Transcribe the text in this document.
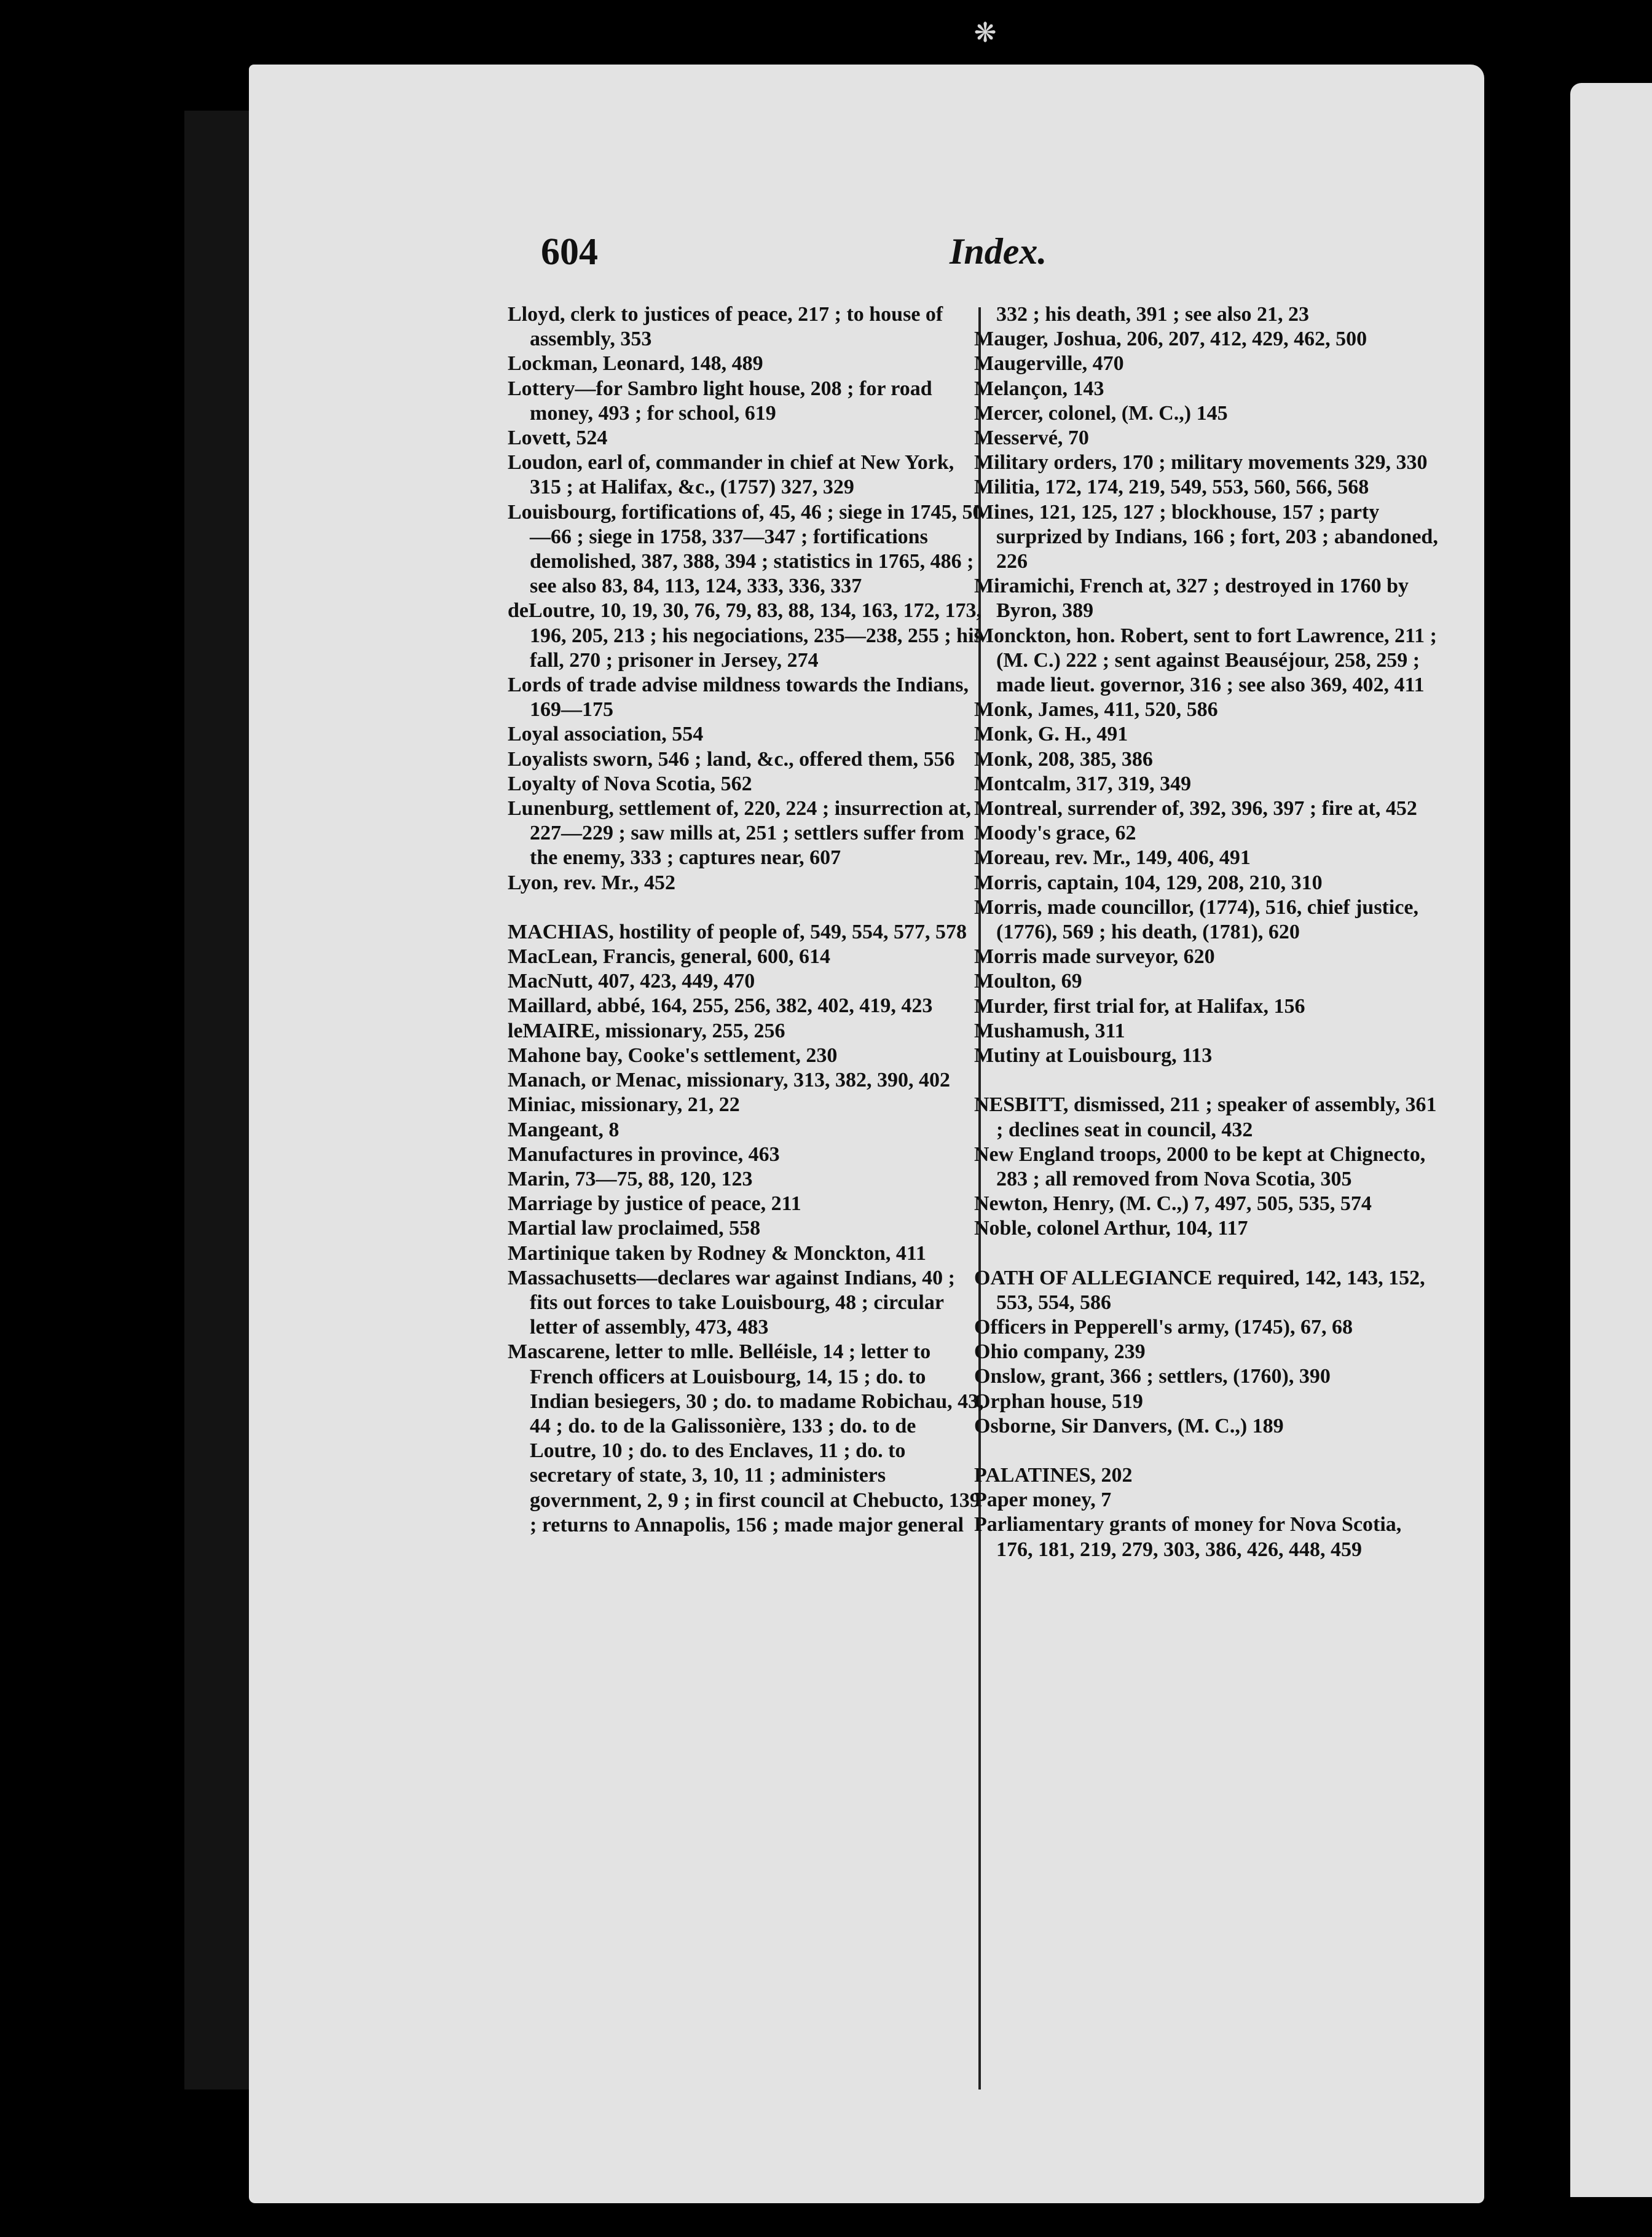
❋
604	Index.

Lloyd, clerk to justices of peace, 217 ; to house of assembly, 353

Lockman, Leonard, 148, 489

Lottery—for Sambro light house, 208 ; for road money, 493 ; for school, 619

Lovett, 524

Loudon, earl of, commander in chief at New York, 315 ; at Halifax, &c., (1757) 327, 329

Louisbourg, fortifications of, 45, 46 ; siege in 1745, 50—66 ; siege in 1758, 337—347 ; fortifications demolished, 387, 388, 394 ; statistics in 1765, 486 ; see also 83, 84, 113, 124, 333, 336, 337

deLoutre, 10, 19, 30, 76, 79, 83, 88, 134, 163, 172, 173, 196, 205, 213 ; his negociations, 235—238, 255 ; his fall, 270 ; prisoner in Jersey, 274

Lords of trade advise mildness towards the Indians, 169—175

Loyal association, 554

Loyalists sworn, 546 ; land, &c., offered them, 556

Loyalty of Nova Scotia, 562

Lunenburg, settlement of, 220, 224 ; insurrection at, 227—229 ; saw mills at, 251 ; settlers suffer from the enemy, 333 ; captures near, 607

Lyon, rev. Mr., 452

MACHIAS, hostility of people of, 549, 554, 577, 578

MacLean, Francis, general, 600, 614

MacNutt, 407, 423, 449, 470

Maillard, abbé, 164, 255, 256, 382, 402, 419, 423

leMAIRE, missionary, 255, 256

Mahone bay, Cooke's settlement, 230

Manach, or Menac, missionary, 313, 382, 390, 402

Miniac, missionary, 21, 22

Mangeant, 8

Manufactures in province, 463

Marin, 73—75, 88, 120, 123

Marriage by justice of peace, 211

Martial law proclaimed, 558

Martinique taken by Rodney & Monckton, 411

Massachusetts—declares war against Indians, 40 ; fits out forces to take Louisbourg, 48 ; circular letter of assembly, 473, 483

Mascarene, letter to mlle. Belléisle, 14 ; letter to French officers at Louisbourg, 14, 15 ; do. to Indian besiegers, 30 ; do. to madame Robichau, 43, 44 ; do. to de la Galissonière, 133 ; do. to de Loutre, 10 ; do. to des Enclaves, 11 ; do. to secretary of state, 3, 10, 11 ; administers government, 2, 9 ; in first council at Chebucto, 139 ; returns to Annapolis, 156 ; made major general

332 ; his death, 391 ; see also 21, 23

Mauger, Joshua, 206, 207, 412, 429, 462, 500

Maugerville, 470

Melançon, 143

Mercer, colonel, (M. C.,) 145

Messervé, 70

Military orders, 170 ; military movements 329, 330

Militia, 172, 174, 219, 549, 553, 560, 566, 568

Mines, 121, 125, 127 ; blockhouse, 157 ; party surprized by Indians, 166 ; fort, 203 ; abandoned, 226

Miramichi, French at, 327 ; destroyed in 1760 by Byron, 389

Monckton, hon. Robert, sent to fort Lawrence, 211 ; (M. C.) 222 ; sent against Beauséjour, 258, 259 ; made lieut. governor, 316 ; see also 369, 402, 411

Monk, James, 411, 520, 586

Monk, G. H., 491

Monk, 208, 385, 386

Montcalm, 317, 319, 349

Montreal, surrender of, 392, 396, 397 ; fire at, 452

Moody's grace, 62

Moreau, rev. Mr., 149, 406, 491

Morris, captain, 104, 129, 208, 210, 310

Morris, made councillor, (1774), 516, chief justice, (1776), 569 ; his death, (1781), 620

Morris made surveyor, 620

Moulton, 69

Murder, first trial for, at Halifax, 156

Mushamush, 311

Mutiny at Louisbourg, 113

NESBITT, dismissed, 211 ; speaker of assembly, 361 ; declines seat in council, 432

New England troops, 2000 to be kept at Chignecto, 283 ; all removed from Nova Scotia, 305

Newton, Henry, (M. C.,) 7, 497, 505, 535, 574

Noble, colonel Arthur, 104, 117

OATH OF ALLEGIANCE required, 142, 143, 152, 553, 554, 586

Officers in Pepperell's army, (1745), 67, 68

Ohio company, 239

Onslow, grant, 366 ; settlers, (1760), 390

Orphan house, 519

Osborne, Sir Danvers, (M. C.,) 189

PALATINES, 202

Paper money, 7

Parliamentary grants of money for Nova Scotia, 176, 181, 219, 279, 303, 386, 426, 448, 459
